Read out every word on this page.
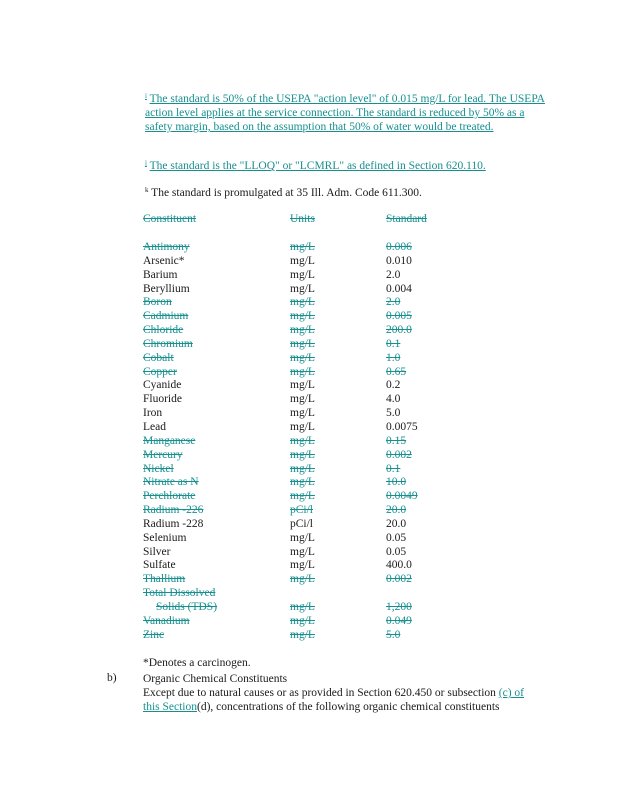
$^i$ The standard is 50% of the USEPA "action level" of 0.015 mg/L for lead. The USEPA action level applies at the service connection. The standard is reduced by 50% as a safety margin, based on the assumption that 50% of water would be treated.
$^j$ The standard is the "LLOQ" or "LCMRL" as defined in Section 620.110.
$^k$ The standard is promulgated at 35 Ill. Adm. Code 611.300.
Constituent	Units	Standard
Antimony
Arsenic*
Barium
Beryllium
Boron
Cadmium
Chloride
Chromium
Cobalt
Copper
Cyanide
Fluoride
Iron
Lead
Manganese
Mercury
Nickel
Nitrate as N
Perchlorate
Radium -226
Radium -228
Selenium
Silver
Sulfate
Thallium
Total Dissolved
Solids (TDS)
Vanadium
Zinc
mg/L
mg/L
mg/L
mg/L
mg/L
mg/L
mg/L
mg/L
mg/L
mg/L
mg/L
mg/L
mg/L
mg/L
mg/L
mg/L
mg/L
mg/L
mg/L
pCi/l
pCi/l
mg/L
mg/L
mg/L
mg/L

mg/L
mg/L
mg/L
0.006
0.010
2.0
0.004
2.0
0.005
200.0
0.1
1.0
0.65
0.2
4.0
5.0
0.0075
0.15
0.002
0.1
10.0
0.0049
20.0
20.0
0.05
0.05
400.0
0.002

1,200
0.049
5.0
*Denotes a carcinogen.
b) Organic Chemical Constituents
Except due to natural causes or as provided in Section 620.450 or subsection (c) of this Section(d), concentrations of the following organic chemical constituents
